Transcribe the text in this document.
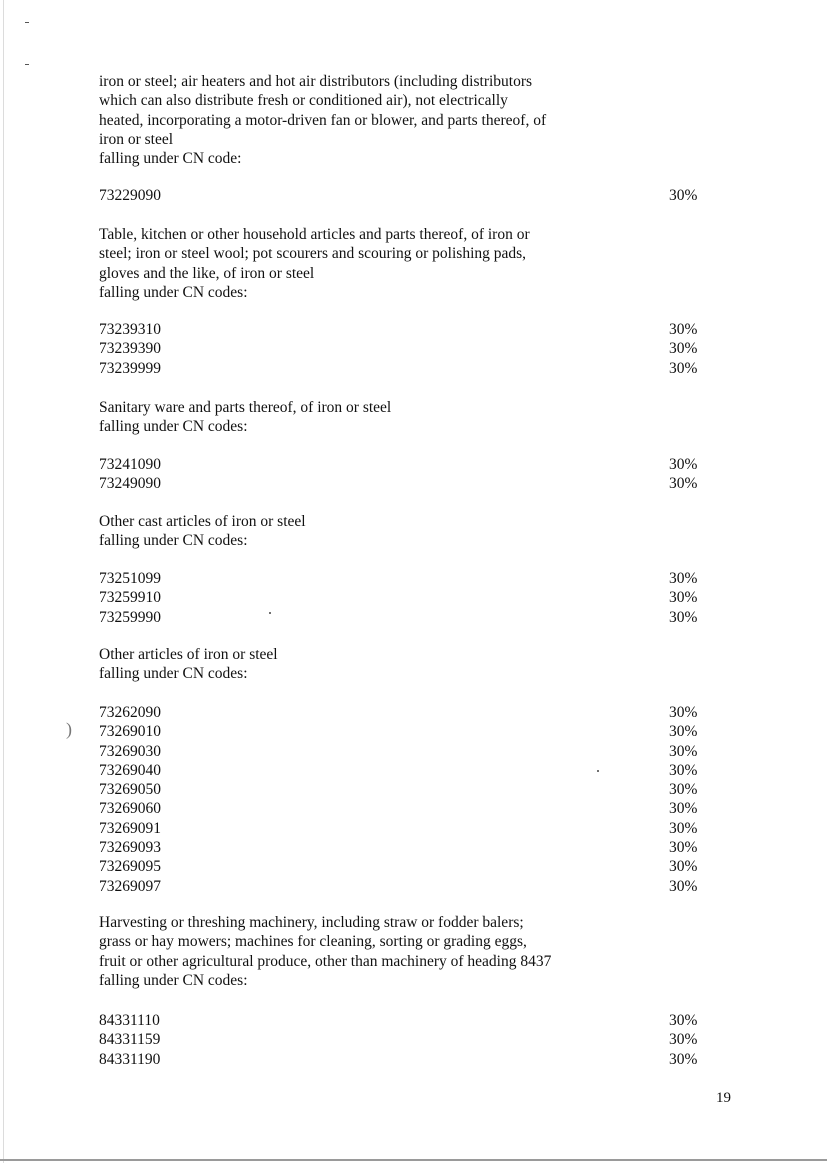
)
iron or steel; air heaters and hot air distributors (including distributors
which can also distribute fresh or conditioned air), not electrically
heated, incorporating a motor-driven fan or blower, and parts thereof, of
iron or steel
falling under CN code:
73229090	30%
Table, kitchen or other household articles and parts thereof, of iron or
steel; iron or steel wool; pot scourers and scouring or polishing pads,
gloves and the like, of iron or steel
falling under CN codes:
73239310	30%
73239390	30%
73239999	30%
Sanitary ware and parts thereof, of iron or steel
falling under CN codes:
73241090	30%
73249090	30%
Other cast articles of iron or steel
falling under CN codes:
73251099	30%
73259910	30%
73259990	30%
Other articles of iron or steel
falling under CN codes:
73262090	30%
73269010	30%
73269030	30%
73269040	30%
73269050	30%
73269060	30%
73269091	30%
73269093	30%
73269095	30%
73269097	30%
Harvesting or threshing machinery, including straw or fodder balers;
grass or hay mowers; machines for cleaning, sorting or grading eggs,
fruit or other agricultural produce, other than machinery of heading 8437
falling under CN codes:
84331110	30%
84331159	30%
84331190	30%
19
